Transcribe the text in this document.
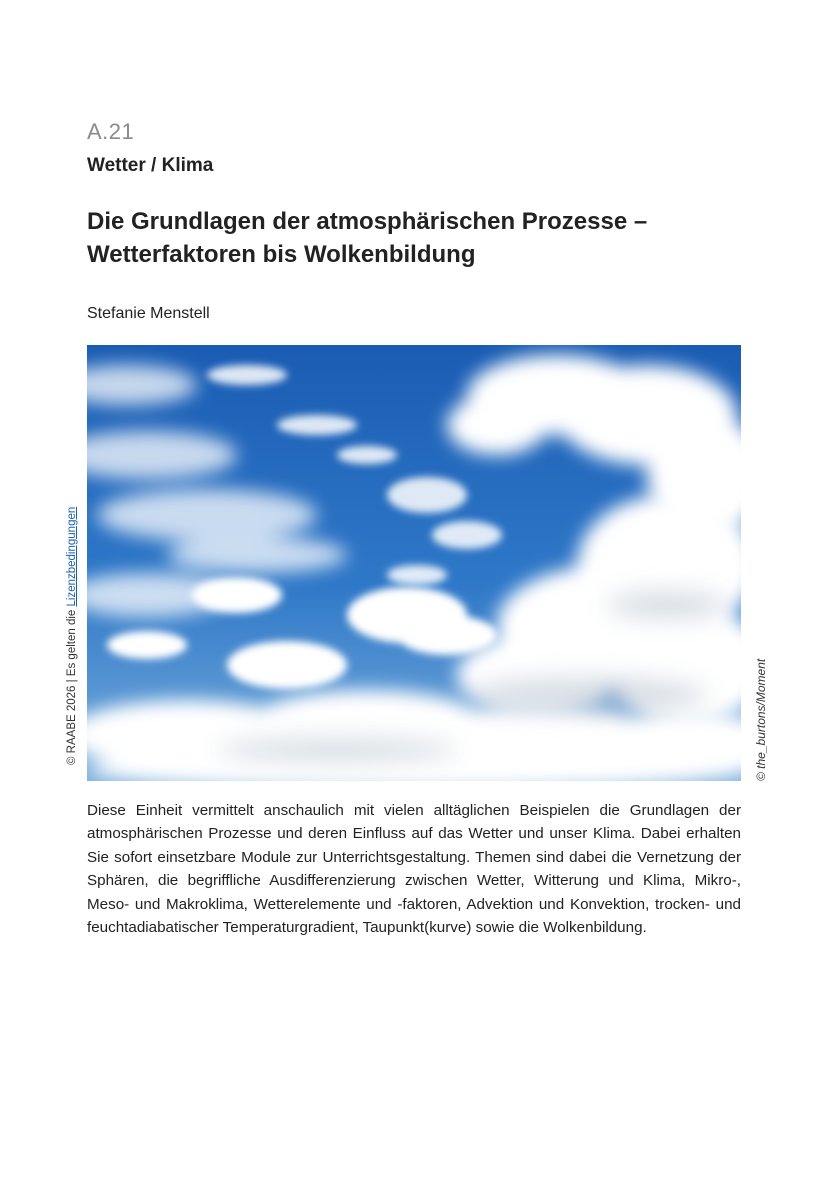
A.21
Wetter / Klima
Die Grundlagen der atmosphärischen Prozesse –
Wetterfaktoren bis Wolkenbildung
Stefanie Menstell
© RAABE 2026 | Es gelten die Lizenzbedingungen
© the_burtons/Moment
Diese Einheit vermittelt anschaulich mit vielen alltäglichen Beispielen die Grundlagen der atmosphärischen Prozesse und deren Einfluss auf das Wetter und unser Klima. Dabei erhalten Sie sofort einsetzbare Module zur Unterrichtsgestaltung. Themen sind dabei die Vernetzung der Sphären, die begriffliche Ausdifferenzierung zwischen Wetter, Witterung und Klima, Mikro-, Meso- und Makroklima, Wetterelemente und -faktoren, Advektion und Konvektion, trocken- und feuchtadiabatischer Temperaturgradient, Taupunkt(kurve) sowie die Wolkenbildung.
